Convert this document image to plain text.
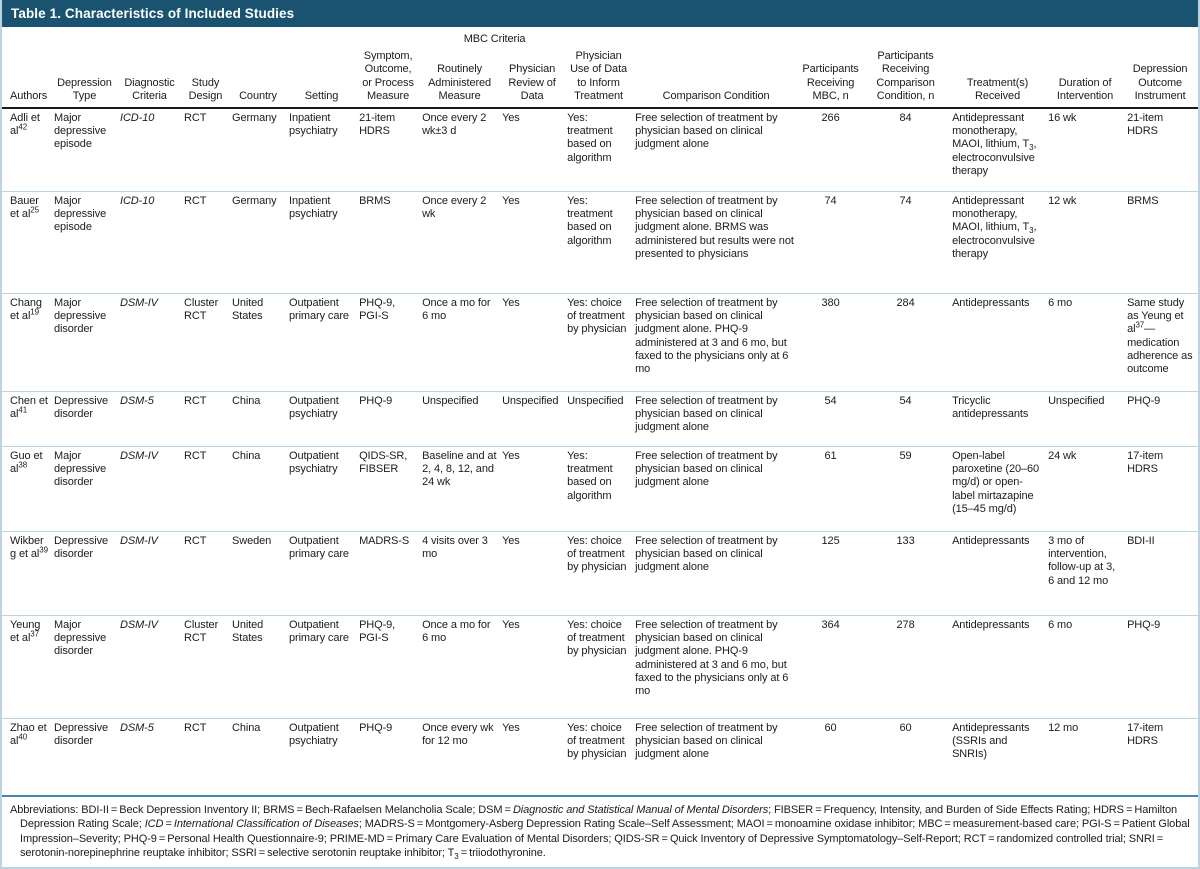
Table 1. Characteristics of Included Studies
						MBC Criteria									
Authors	Depression Type	Diagnostic Criteria	Study Design	Country	Setting	Symptom, Outcome, or Process Measure	Routinely Administered Measure	Physician Review of Data	Physician Use of Data to Inform Treatment	Comparison Condition	Participants Receiving MBC, n	Participants Receiving Comparison Condition, n	Treatment(s) Received	Duration of Intervention	Depression Outcome Instrument
Adli et $al^{42}$	Major depressive episode	ICD-10	RCT	Germany	Inpatient psychiatry	21-item HDRS	Once every 2 wk±3 d	Yes	Yes: treatment based on algorithm	Free selection of treatment by physician based on clinical judgment alone	266	84	Antidepressant monotherapy, MAOI, lithium, $T_3$, electroconvulsive therapy	16 wk	21-item HDRS
Bauer et $al^{25}$	Major depressive episode	ICD-10	RCT	Germany	Inpatient psychiatry	BRMS	Once every 2 wk	Yes	Yes: treatment based on algorithm	Free selection of treatment by physician based on clinical judgment alone. BRMS was administered but results were not presented to physicians	74	74	Antidepressant monotherapy, MAOI, lithium, $T_3$, electroconvulsive therapy	12 wk	BRMS
Chang et $al^{19}$	Major depressive disorder	DSM-IV	Cluster RCT	United States	Outpatient primary care	PHQ-9, PGI-S	Once a mo for 6 mo	Yes	Yes: choice of treatment by physician	Free selection of treatment by physician based on clinical judgment alone. PHQ-9 administered at 3 and 6 mo, but faxed to the physicians only at 6 mo	380	284	Antidepressants	6 mo	Same study as Yeung et $al^{37}—medication$ adherence as outcome
Chen et $al^{41}$	Depressive disorder	DSM-5	RCT	China	Outpatient psychiatry	PHQ-9	Unspecified	Unspecified	Unspecified	Free selection of treatment by physician based on clinical judgment alone	54	54	Tricyclic antidepressants	Unspecified	PHQ-9
Guo et $al^{38}$	Major depressive disorder	DSM-IV	RCT	China	Outpatient psychiatry	QIDS-SR, FIBSER	Baseline and at 2, 4, 8, 12, and 24 wk	Yes	Yes: treatment based on algorithm	Free selection of treatment by physician based on clinical judgment alone	61	59	Open-label paroxetine (20–60 mg/d) or open-label mirtazapine (15–45 mg/d)	24 wk	17-item HDRS
Wikberg et $al^{39}$	Depressive disorder	DSM-IV	RCT	Sweden	Outpatient primary care	MADRS-S	4 visits over 3 mo	Yes	Yes: choice of treatment by physician	Free selection of treatment by physician based on clinical judgment alone	125	133	Antidepressants	3 mo of intervention, follow-up at 3, 6 and 12 mo	BDI-II
Yeung et $al^{37}$	Major depressive disorder	DSM-IV	Cluster RCT	United States	Outpatient primary care	PHQ-9, PGI-S	Once a mo for 6 mo	Yes	Yes: choice of treatment by physician	Free selection of treatment by physician based on clinical judgment alone. PHQ-9 administered at 3 and 6 mo, but faxed to the physicians only at 6 mo	364	278	Antidepressants	6 mo	PHQ-9
Zhao et $al^{40}$	Depressive disorder	DSM-5	RCT	China	Outpatient psychiatry	PHQ-9	Once every wk for 12 mo	Yes	Yes: choice of treatment by physician	Free selection of treatment by physician based on clinical judgment alone	60	60	Antidepressants (SSRIs and SNRIs)	12 mo	17-item HDRS
Abbreviations: BDI-II = Beck Depression Inventory II; BRMS = Bech-Rafaelsen Melancholia Scale; DSM = Diagnostic and Statistical Manual of Mental Disorders; FIBSER = Frequency, Intensity, and Burden of Side Effects Rating; HDRS = Hamilton Depression Rating Scale; ICD = International Classification of Diseases; MADRS-S = Montgomery-Asberg Depression Rating Scale–Self Assessment; MAOI = monoamine oxidase inhibitor; MBC = measurement-based care; PGI-S = Patient Global Impression–Severity; PHQ-9 = Personal Health Questionnaire-9; PRIME-MD = Primary Care Evaluation of Mental Disorders; QIDS-SR = Quick Inventory of Depressive Symptomatology–Self-Report; RCT = randomized controlled trial; SNRI = serotonin-norepinephrine reuptake inhibitor; SSRI = selective serotonin reuptake inhibitor; $T_3$ = triiodothyronine.
